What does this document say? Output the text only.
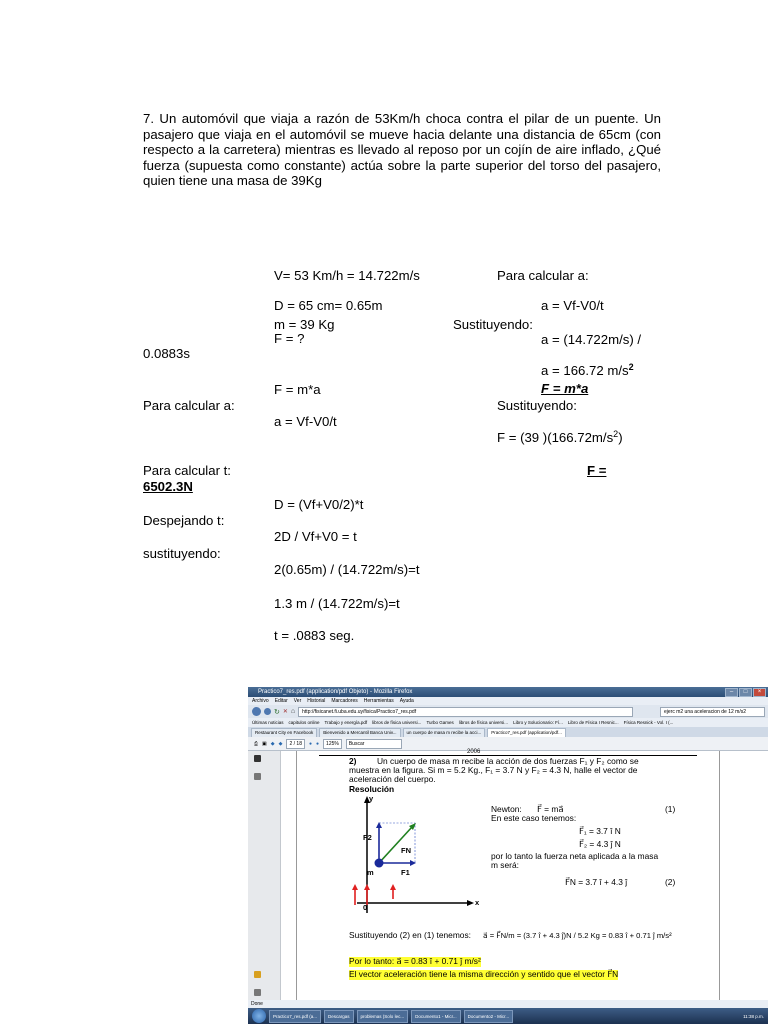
7. Un automóvil que viaja a razón de 53Km/h choca contra el pilar de un puente. Un pasajero que viaja en el automóvil se mueve hacia delante una distancia de 65cm (con respecto a la carretera) mientras es llevado al reposo por un cojín de aire inflado, ¿Qué fuerza (supuesta como constante) actúa sobre la parte superior del torso del pasajero, quien tiene una masa de 39Kg

V= 53 Km/h = 14.722m/s	Para calcular a:
D = 65 cm= 0.65m	a = Vf-V0/t
m = 39 Kg	Sustituyendo:
F = ?	a = (14.722m/s) /
0.0883s
a = 166.72 $m/s^2$
F = m*a	F = m*a
Para calcular a:	Sustituyendo:
a = Vf-V0/t
F = (39 )$(166.72m/s^2)$
Para calcular t:	F =
6502.3N
D = (Vf+V0/2)*t
Despejando t:
2D / Vf+V0 = t
sustituyendo:
2(0.65m) / (14.722m/s)=t
1.3 m / (14.722m/s)=t
t = .0883 seg.
Practico7_res.pdf (application/pdf Objeto) - Mozilla Firefox	–	□	×
Archivo Editar Ver Historial Marcadores Herramientas Ayuda
↻ ✕ ⌂	http://fisicanet.fi.uba.edu.uy/fisica/Practico7_res.pdf	ejerc m2 una aceleracion de 12 m/s2
Últimas noticias capitulos online Trabajo y energía.pdf libros de física universi... Turbo Games libros de física universi... Libro y Solucionario: Fí... Libro de Física I Resnic... Física Resnick - Vol. I (...
Restaurant City en Facebook	Bienvenido a Mercantil Banca Univ...	un cuerpo de masa m recibe la acci...	Practico7_res.pdf (application/pdf...
⎙ ▣ ◆ ◆	2 / 18	● ●	125%	Buscar
2006
2) Un cuerpo de masa m recibe la acción de dos fuerzas F₁ y F₂ como se
muestra en la figura. Si m = 5.2 Kg., F₁ = 3.7 N y F₂ = 4.3 N, halle el vector de
aceleración del cuerpo.
Resolución
y
x
F2
FN
F1
m
0
Newton: F⃗ = ma⃗	(1)
En este caso tenemos:
F⃗₁ = 3.7 î N
F⃗₂ = 4.3 ĵ N
por lo tanto la fuerza neta aplicada a la masa
m será:
F⃗N = 3.7 î + 4.3 ĵ	(2)
Sustituyendo (2) en (1) tenemos: a⃗ = F⃗N/m = (3.7 î + 4.3 ĵ)N / 5.2 Kg = 0.83 î + 0.71 ĵ m/s²
Por lo tanto: a⃗ = 0.83 î + 0.71 ĵ m/s²
El vector aceleración tiene la misma dirección y sentido que el vector F⃗N
Done
Practico7_res.pdf (a...	Descargas	problemas (Solo lec...	Documento1 - Micr...	Documento2 - Micr...	11:38 p.m.
